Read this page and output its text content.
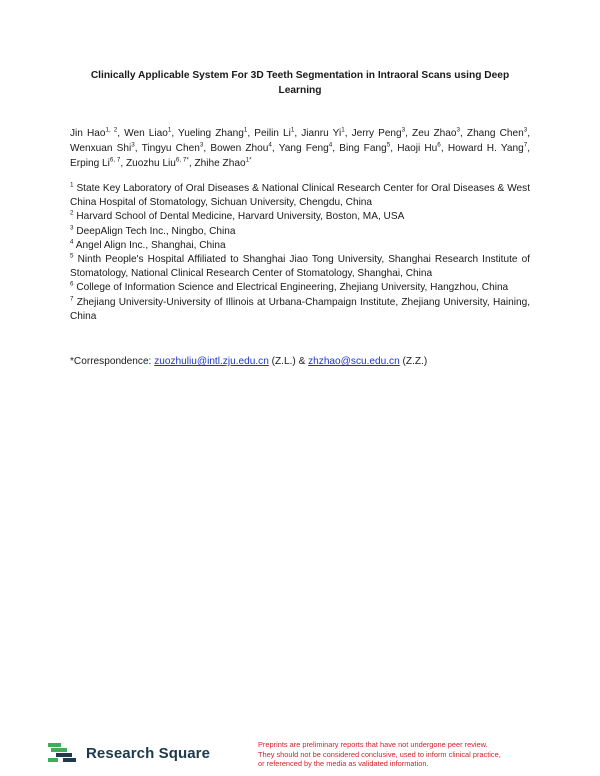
Clinically Applicable System For 3D Teeth Segmentation in Intraoral Scans using Deep Learning
Jin Hao$^{1, 2}$, Wen Liao$^1$, Yueling Zhang$^1$, Peilin Li$^1$, Jianru Yi$^1$, Jerry Peng$^3$, Zeu Zhao$^3$, Zhang Chen$^3$, Wenxuan Shi$^3$, Tingyu Chen$^3$, Bowen Zhou$^4$, Yang Feng$^4$, Bing Fang$^5$, Haoji Hu$^6$, Howard H. Yang$^7$, Erping Li$^{6, 7}$, Zuozhu Liu$^{6, 7*}$, Zhihe Zhao$^{1*}$

$^1$ State Key Laboratory of Oral Diseases & National Clinical Research Center for Oral Diseases & West China Hospital of Stomatology, Sichuan University, Chengdu, China

$^2$ Harvard School of Dental Medicine, Harvard University, Boston, MA, USA

$^3$ DeepAlign Tech Inc., Ningbo, China

$^4$ Angel Align Inc., Shanghai, China

$^5$ Ninth People's Hospital Affiliated to Shanghai Jiao Tong University, Shanghai Research Institute of Stomatology, National Clinical Research Center of Stomatology, Shanghai, China

$^6$ College of Information Science and Electrical Engineering, Zhejiang University, Hangzhou, China

$^7$ Zhejiang University-University of Illinois at Urbana-Champaign Institute, Zhejiang University, Haining, China

*Correspondence: zuozhuliu@intl.zju.edu.cn (Z.L.) & zhzhao@scu.edu.cn (Z.Z.)
Research Square	Preprints are preliminary reports that have not undergone peer review.
They should not be considered conclusive, used to inform clinical practice,
or referenced by the media as validated information.
